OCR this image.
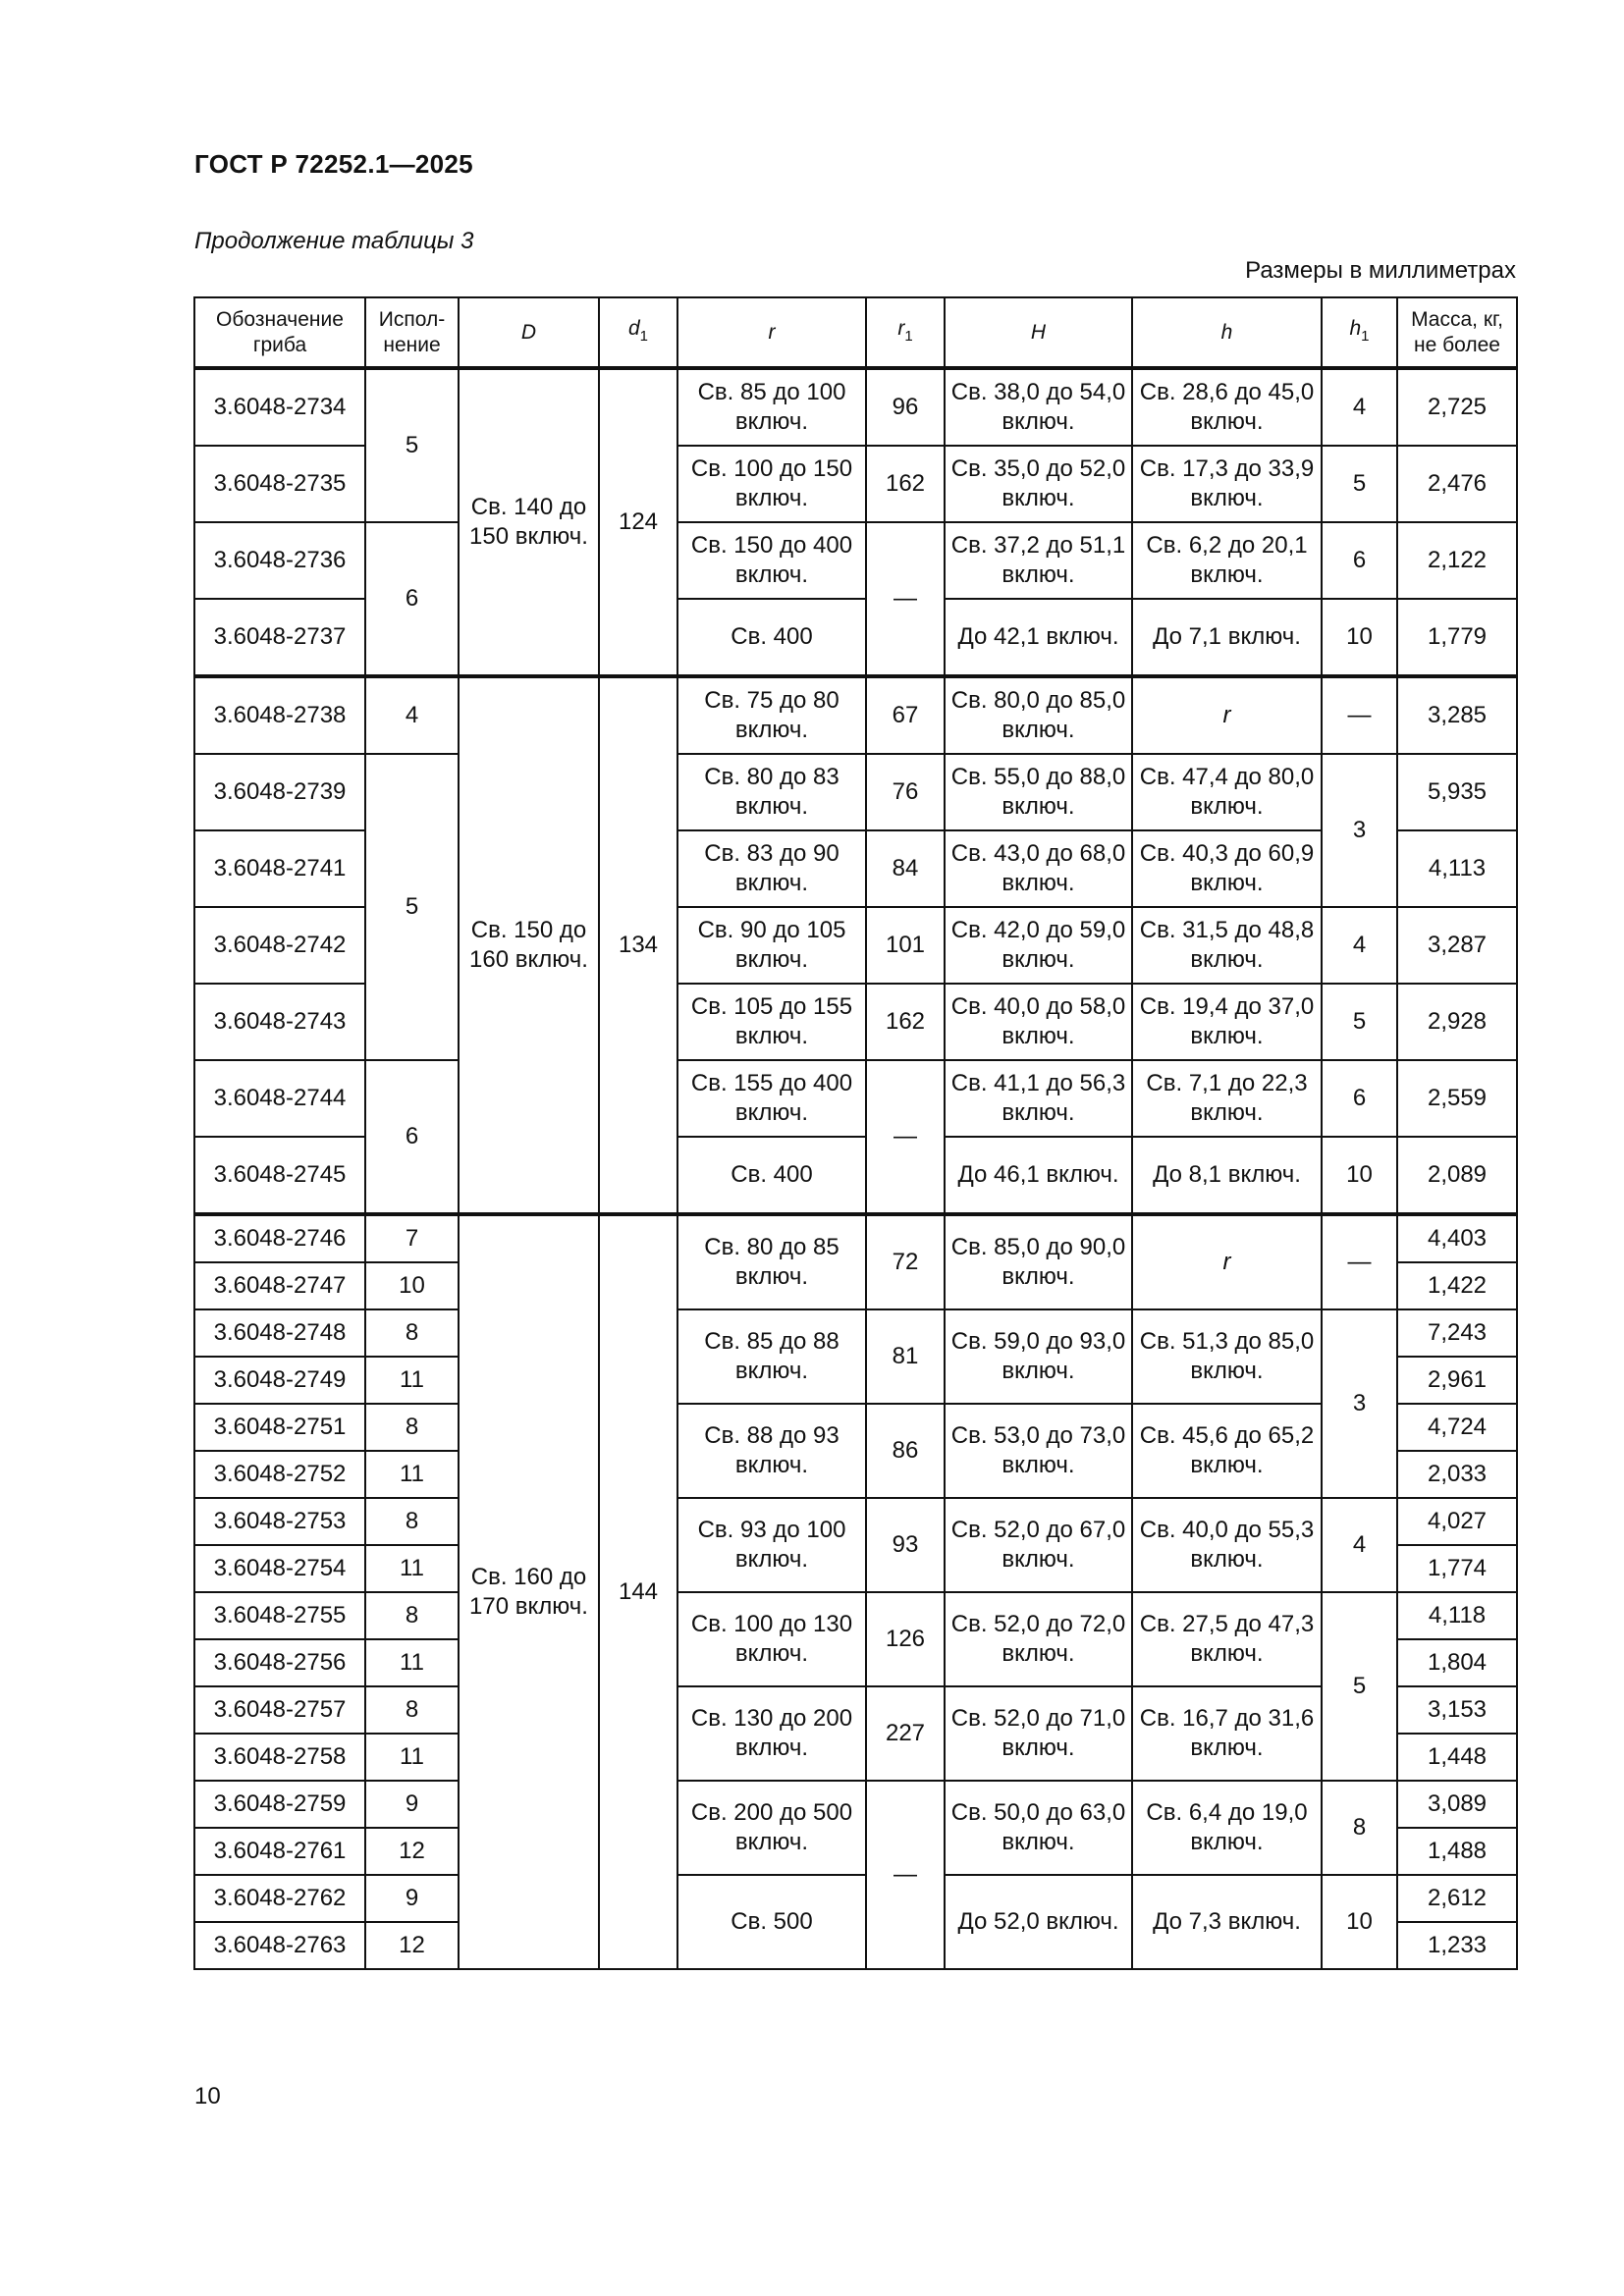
ГОСТ Р 72252.1—2025
Продолжение таблицы 3
Размеры в миллиметрах
Обозначение гриба	Испол-нение	D	$d_1$	r	$r_1$	H	h	$h_1$	Масса, кг, не более
3.6048-2734	5	Св. 140 до 150 включ.	124	Св. 85 до 100 включ.	96	Св. 38,0 до 54,0 включ.	Св. 28,6 до 45,0 включ.	4	2,725
3.6048-2735				Св. 100 до 150 включ.	162	Св. 35,0 до 52,0 включ.	Св. 17,3 до 33,9 включ.	5	2,476
3.6048-2736	6			Св. 150 до 400 включ.	—	Св. 37,2 до 51,1 включ.	Св. 6,2 до 20,1 включ.	6	2,122
3.6048-2737				Св. 400		До 42,1 включ.	До 7,1 включ.	10	1,779
3.6048-2738	4	Св. 150 до 160 включ.	134	Св. 75 до 80 включ.	67	Св. 80,0 до 85,0 включ.	r	—	3,285
3.6048-2739	5			Св. 80 до 83 включ.	76	Св. 55,0 до 88,0 включ.	Св. 47,4 до 80,0 включ.	3	5,935
3.6048-2741				Св. 83 до 90 включ.	84	Св. 43,0 до 68,0 включ.	Св. 40,3 до 60,9 включ.		4,113
3.6048-2742				Св. 90 до 105 включ.	101	Св. 42,0 до 59,0 включ.	Св. 31,5 до 48,8 включ.	4	3,287
3.6048-2743				Св. 105 до 155 включ.	162	Св. 40,0 до 58,0 включ.	Св. 19,4 до 37,0 включ.	5	2,928
3.6048-2744	6			Св. 155 до 400 включ.	—	Св. 41,1 до 56,3 включ.	Св. 7,1 до 22,3 включ.	6	2,559
3.6048-2745				Св. 400		До 46,1 включ.	До 8,1 включ.	10	2,089
3.6048-2746	7	Св. 160 до 170 включ.	144	Св. 80 до 85 включ.	72	Св. 85,0 до 90,0 включ.	r	—	4,403
3.6048-2747	10								1,422
3.6048-2748	8			Св. 85 до 88 включ.	81	Св. 59,0 до 93,0 включ.	Св. 51,3 до 85,0 включ.	3	7,243
3.6048-2749	11								2,961
3.6048-2751	8			Св. 88 до 93 включ.	86	Св. 53,0 до 73,0 включ.	Св. 45,6 до 65,2 включ.		4,724
3.6048-2752	11								2,033
3.6048-2753	8			Св. 93 до 100 включ.	93	Св. 52,0 до 67,0 включ.	Св. 40,0 до 55,3 включ.	4	4,027
3.6048-2754	11								1,774
3.6048-2755	8			Св. 100 до 130 включ.	126	Св. 52,0 до 72,0 включ.	Св. 27,5 до 47,3 включ.	5	4,118
3.6048-2756	11								1,804
3.6048-2757	8			Св. 130 до 200 включ.	227	Св. 52,0 до 71,0 включ.	Св. 16,7 до 31,6 включ.		3,153
3.6048-2758	11								1,448
3.6048-2759	9			Св. 200 до 500 включ.	—	Св. 50,0 до 63,0 включ.	Св. 6,4 до 19,0 включ.	8	3,089
3.6048-2761	12								1,488
3.6048-2762	9			Св. 500		До 52,0 включ.	До 7,3 включ.	10	2,612
3.6048-2763	12								1,233
10
